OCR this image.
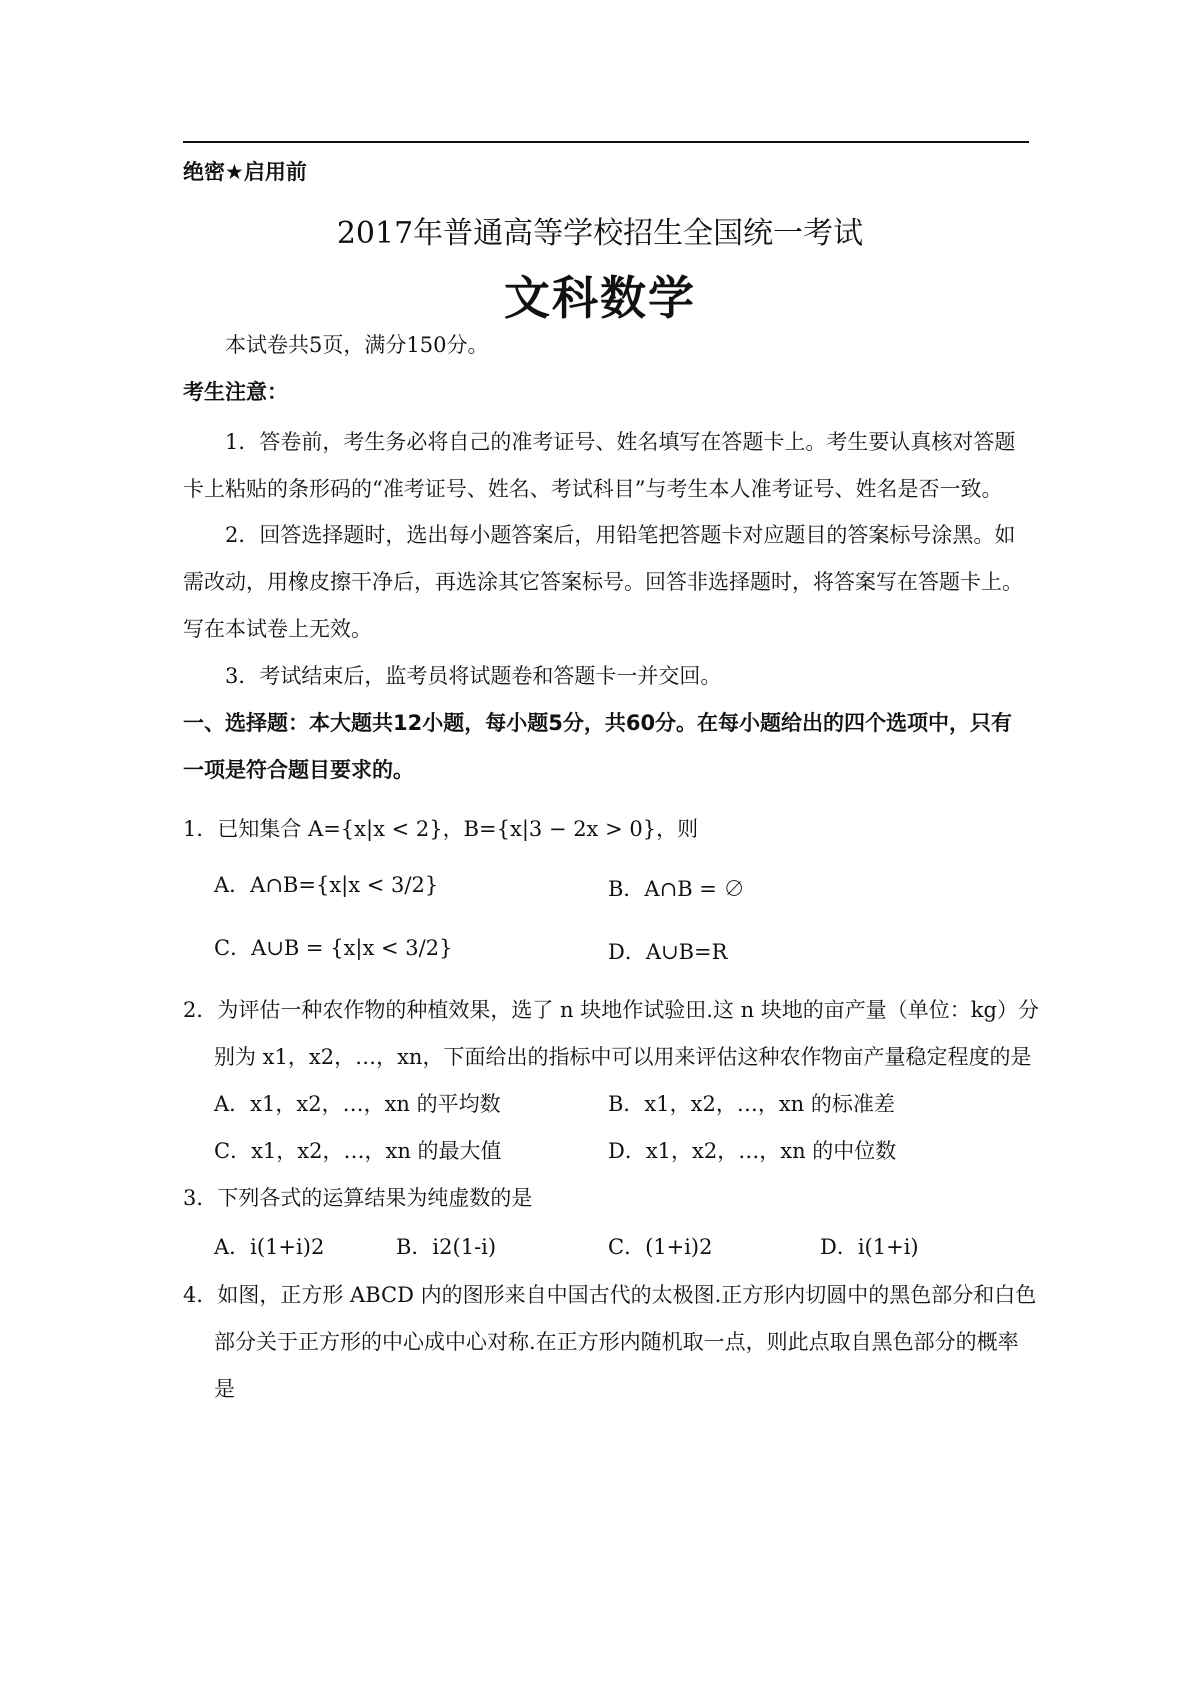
绝密★启用前
2017年普通高等学校招生全国统一考试
文科数学
本试卷共5页，满分150分。
考生注意：
1．答卷前，考生务必将自己的准考证号、姓名填写在答题卡上。考生要认真核对答题
卡上粘贴的条形码的“准考证号、姓名、考试科目”与考生本人准考证号、姓名是否一致。
2．回答选择题时，选出每小题答案后，用铅笔把答题卡对应题目的答案标号涂黑。如
需改动，用橡皮擦干净后，再选涂其它答案标号。回答非选择题时，将答案写在答题卡上。
写在本试卷上无效。
3．考试结束后，监考员将试题卷和答题卡一并交回。
一、选择题：本大题共12小题，每小题5分，共60分。在每小题给出的四个选项中，只有
一项是符合题目要求的。
1．已知集合 A={x|x < 2}，B={x|3 − 2x > 0}，则
A．A∩B={x|x < 3/2}	B．A∩B = ∅
C．A∪B = {x|x < 3/2}	D．A∪B=R
2．为评估一种农作物的种植效果，选了 n 块地作试验田.这 n 块地的亩产量（单位：kg）分
别为 x1，x2，…，xn，下面给出的指标中可以用来评估这种农作物亩产量稳定程度的是
A．x1，x2，…，xn 的平均数	B．x1，x2，…，xn 的标准差
C．x1，x2，…，xn 的最大值	D．x1，x2，…，xn 的中位数
3．下列各式的运算结果为纯虚数的是
A．i(1+i)2	B．i2(1-i)	C．(1+i)2	D．i(1+i)
4．如图，正方形 ABCD 内的图形来自中国古代的太极图.正方形内切圆中的黑色部分和白色
部分关于正方形的中心成中心对称.在正方形内随机取一点，则此点取自黑色部分的概率
是
